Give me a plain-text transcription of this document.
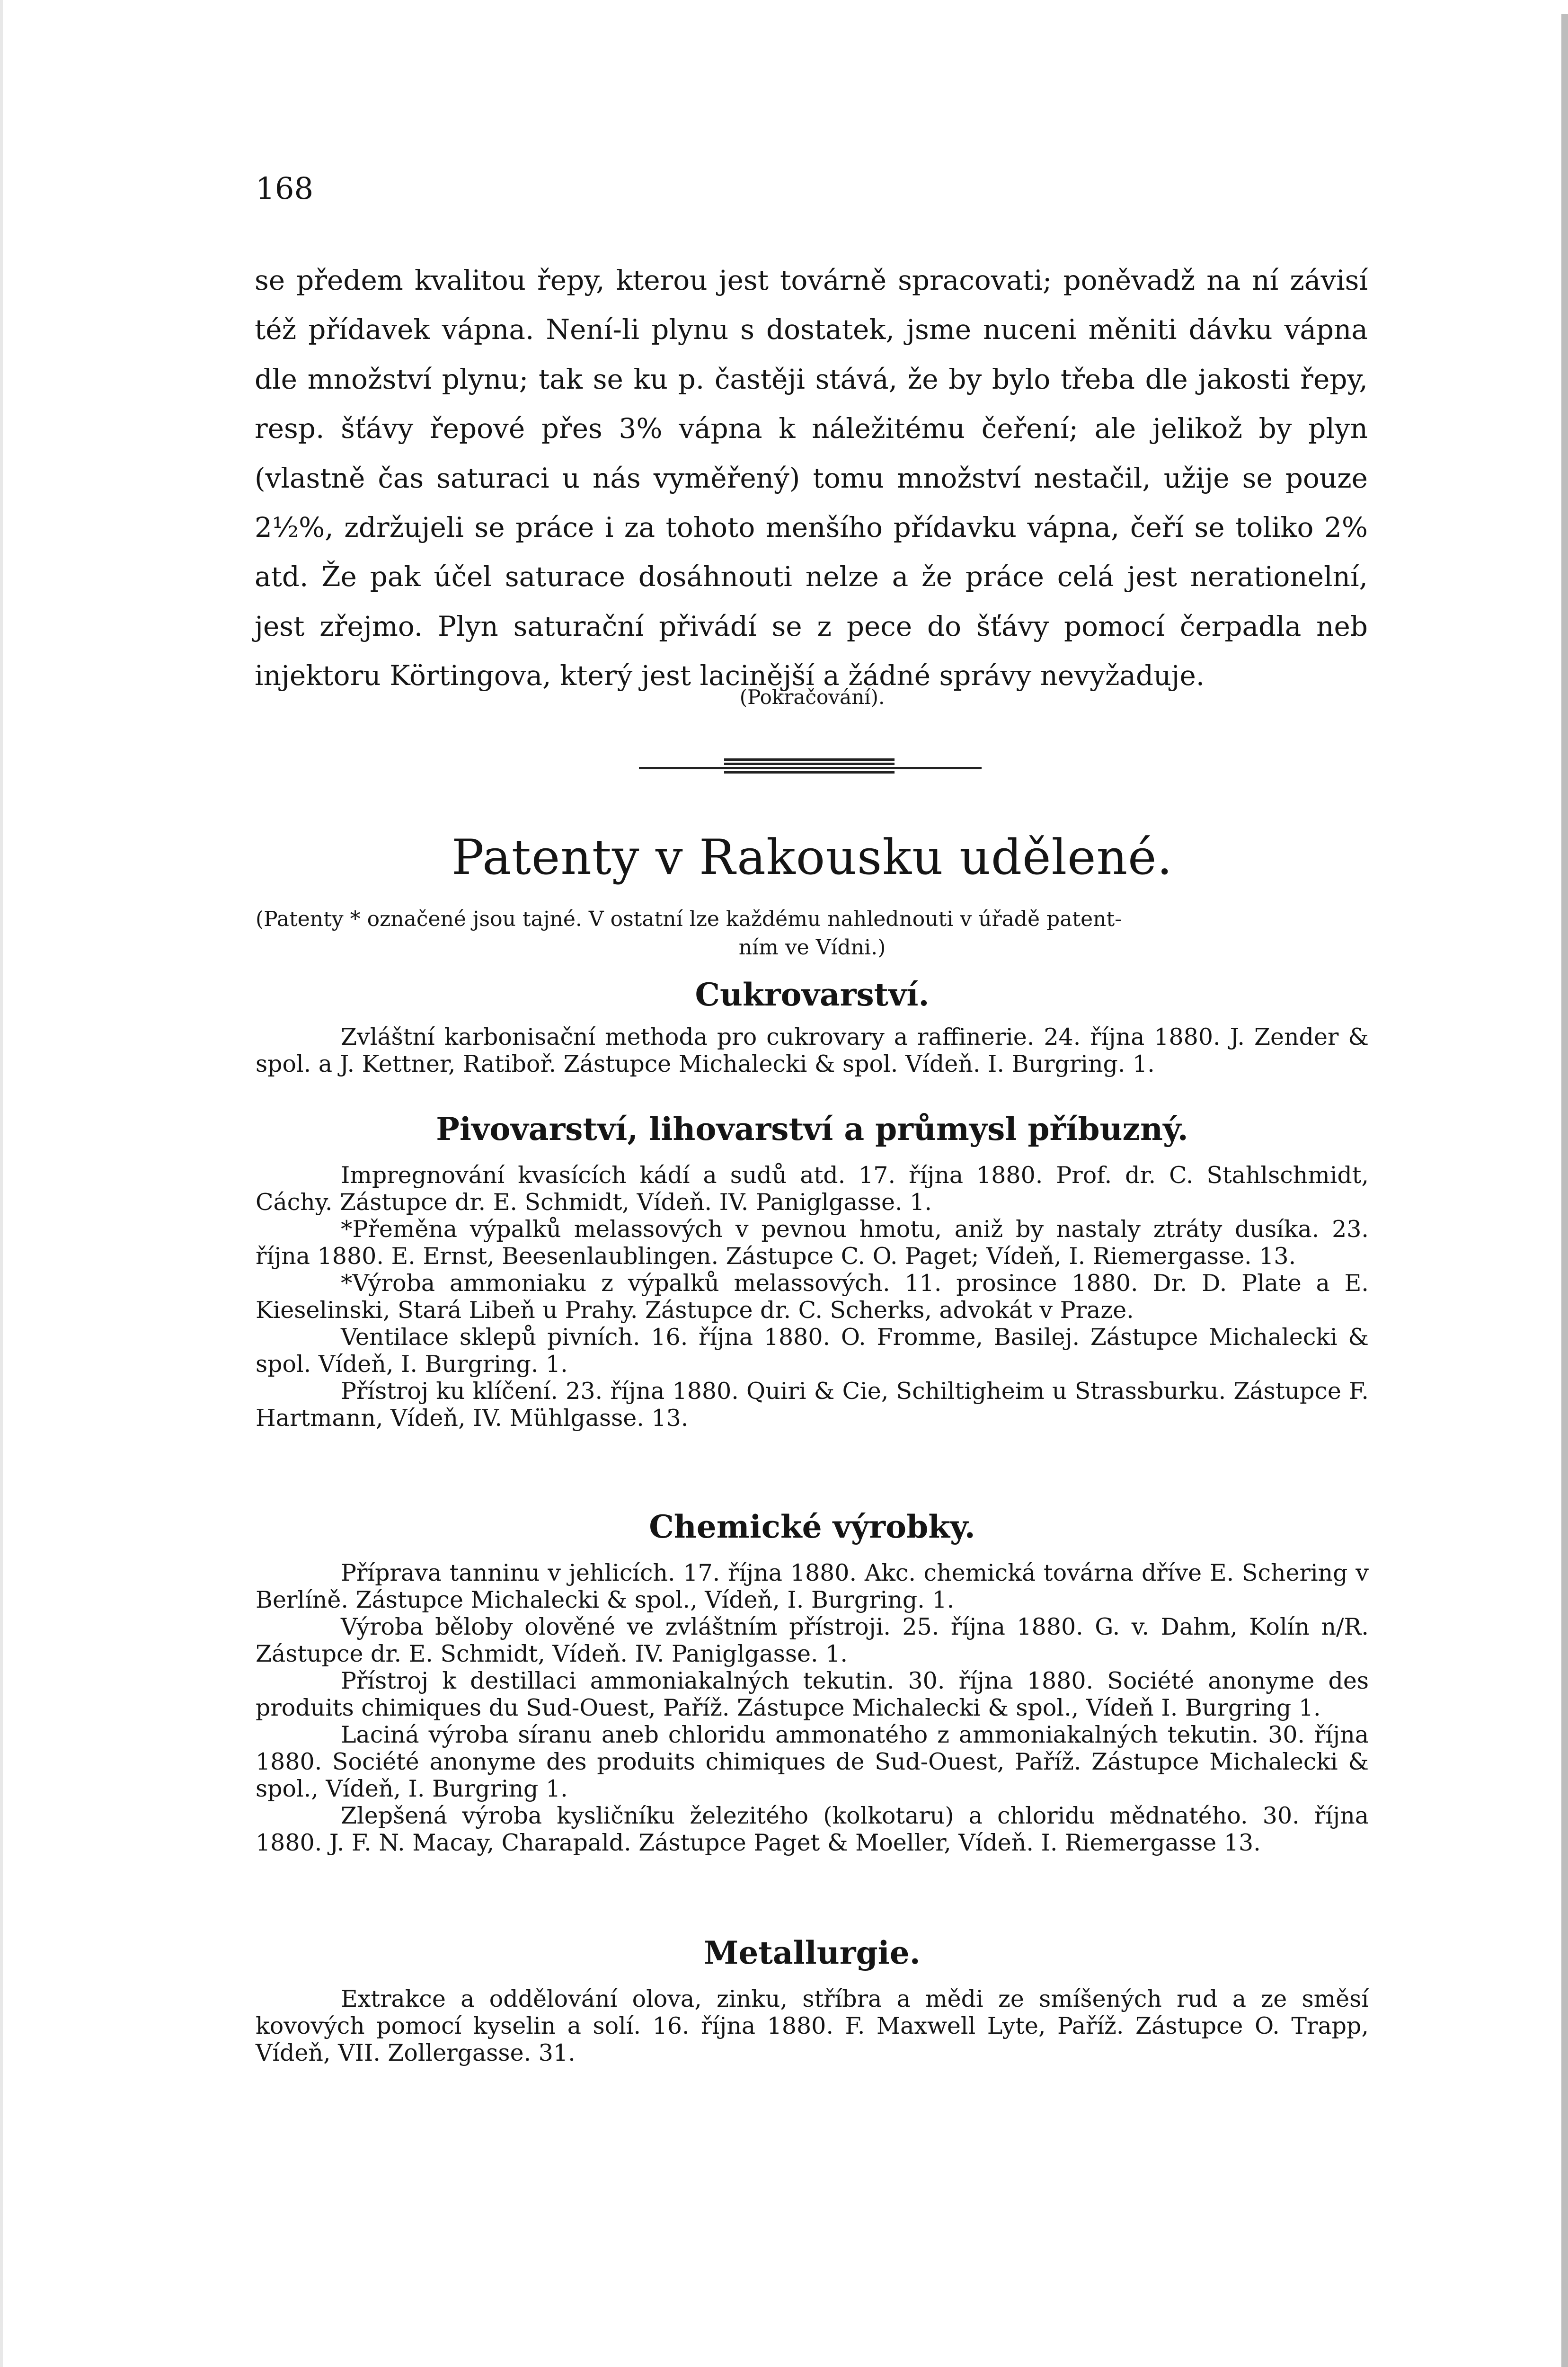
168
se předem kvalitou řepy, kterou jest továrně spracovati; poněvadž na ní závisí též přídavek vápna. Není-li plynu s dostatek, jsme nuceni měniti dávku vápna dle množství plynu; tak se ku p. častěji stává, že by bylo třeba dle jakosti řepy, resp. šťávy řepové přes 3% vápna k náležitému čeření; ale jelikož by plyn (vlastně čas saturaci u nás vyměřený) tomu množství nestačil, užije se pouze 2½%, zdržujeli se práce i za tohoto menšího přídavku vápna, čeří se toliko 2% atd. Že pak účel saturace dosáhnouti nelze a že práce celá jest nerationelní, jest zřejmo. Plyn saturační přivádí se z pece do šťávy pomocí čerpadla neb injektoru Körtingova, který jest lacinější a žádné správy nevyžaduje.
(Pokračování).
Patenty v Rakousku udělené.
(Patenty * označené jsou tajné. V ostatní lze každému nahlednouti v úřadě patent-
ním ve Vídni.)
Cukrovarství.

Zvláštní karbonisační methoda pro cukrovary a raffinerie. 24. října 1880. J. Zender & spol. a J. Kettner, Ratiboř. Zástupce Michalecki & spol. Vídeň. I. Burgring. 1.

Pivovarství, lihovarství a průmysl příbuzný.

Impregnování kvasících kádí a sudů atd. 17. října 1880. Prof. dr. C. Stahlschmidt, Cáchy. Zástupce dr. E. Schmidt, Vídeň. IV. Paniglgasse. 1.

*Přeměna výpalků melassových v pevnou hmotu, aniž by nastaly ztráty dusíka. 23. října 1880. E. Ernst, Beesenlaublingen. Zástupce C. O. Paget; Vídeň, I. Riemergasse. 13.

*Výroba ammoniaku z výpalků melassových. 11. prosince 1880. Dr. D. Plate a E. Kieselinski, Stará Libeň u Prahy. Zástupce dr. C. Scherks, advokát v Praze.

Ventilace sklepů pivních. 16. října 1880. O. Fromme, Basilej. Zástupce Michalecki & spol. Vídeň, I. Burgring. 1.

Přístroj ku klíčení. 23. října 1880. Quiri & Cie, Schiltigheim u Strassburku. Zástupce F. Hartmann, Vídeň, IV. Mühlgasse. 13.

Chemické výrobky.

Příprava tanninu v jehlicích. 17. října 1880. Akc. chemická továrna dříve E. Schering v Berlíně. Zástupce Michalecki & spol., Vídeň, I. Burgring. 1.

Výroba běloby olověné ve zvláštním přístroji. 25. října 1880. G. v. Dahm, Kolín n/R. Zástupce dr. E. Schmidt, Vídeň. IV. Paniglgasse. 1.

Přístroj k destillaci ammoniakalných tekutin. 30. října 1880. Société anonyme des produits chimiques du Sud-Ouest, Paříž. Zástupce Michalecki & spol., Vídeň I. Burgring 1.

Laciná výroba síranu aneb chloridu ammonatého z ammoniakalných tekutin. 30. října 1880. Société anonyme des produits chimiques de Sud-Ouest, Paříž. Zástupce Michalecki & spol., Vídeň, I. Burgring 1.

Zlepšená výroba kysličníku železitého (kolkotaru) a chloridu mědnatého. 30. října 1880. J. F. N. Macay, Charapald. Zástupce Paget & Moeller, Vídeň. I. Riemergasse 13.

Metallurgie.

Extrakce a oddělování olova, zinku, stříbra a mědi ze smíšených rud a ze směsí kovových pomocí kyselin a solí. 16. října 1880. F. Maxwell Lyte, Paříž. Zástupce O. Trapp, Vídeň, VII. Zollergasse. 31.
